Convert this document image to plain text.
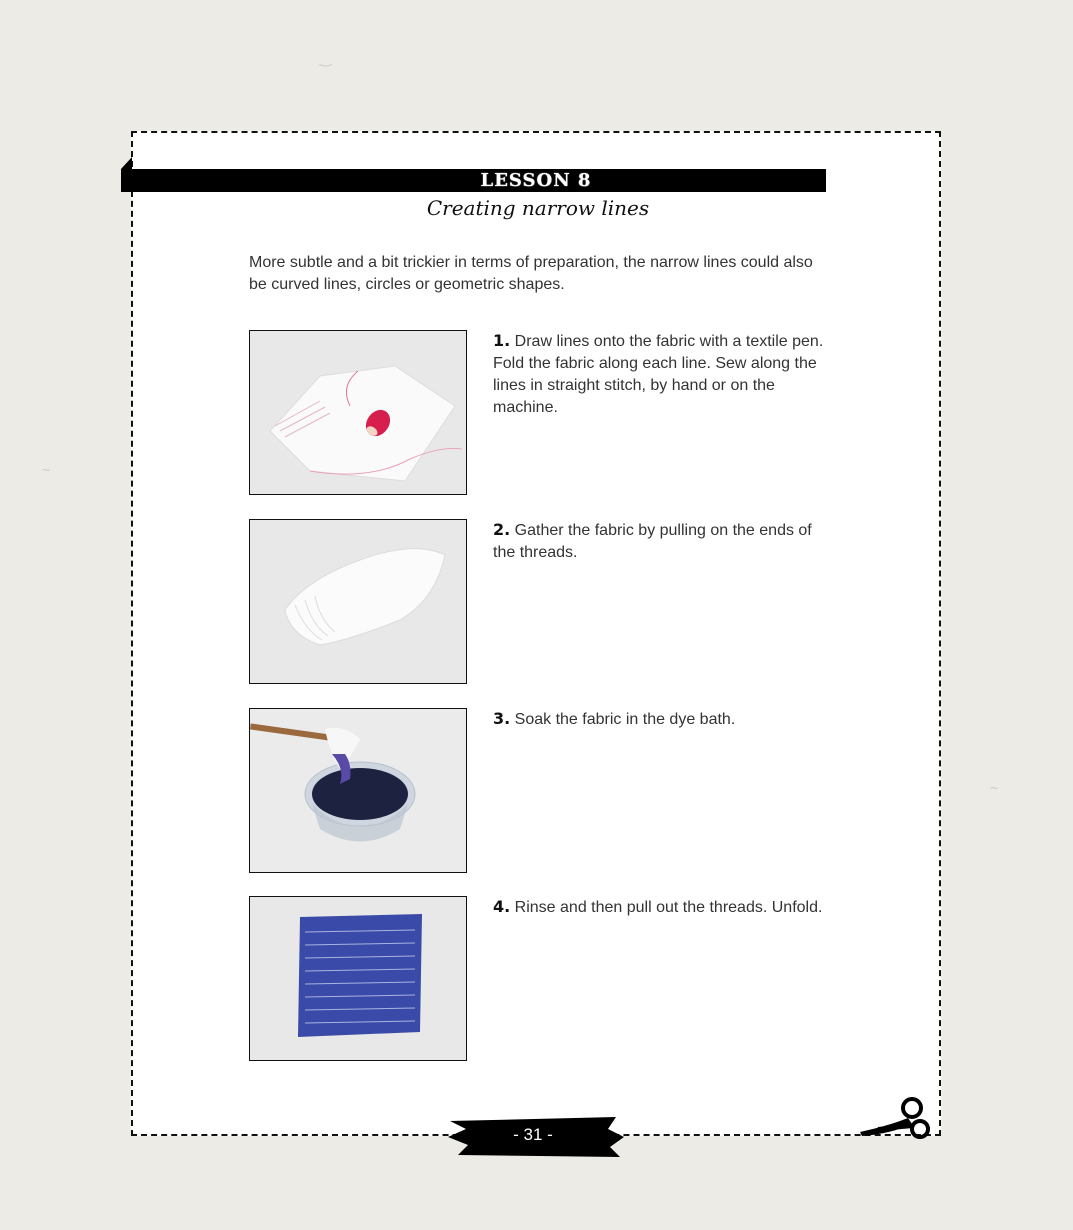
~
~
‿
LESSON 8
Creating narrow lines
More subtle and a bit trickier in terms of preparation, the narrow lines could also be curved lines, circles or geometric shapes.
1. Draw lines onto the fabric with a textile pen. Fold the fabric along each line. Sew along the lines in straight stitch, by hand or on the machine.
2. Gather the fabric by pulling on the ends of the threads.
3. Soak the fabric in the dye bath.
4. Rinse and then pull out the threads. Unfold.
- 31 -
